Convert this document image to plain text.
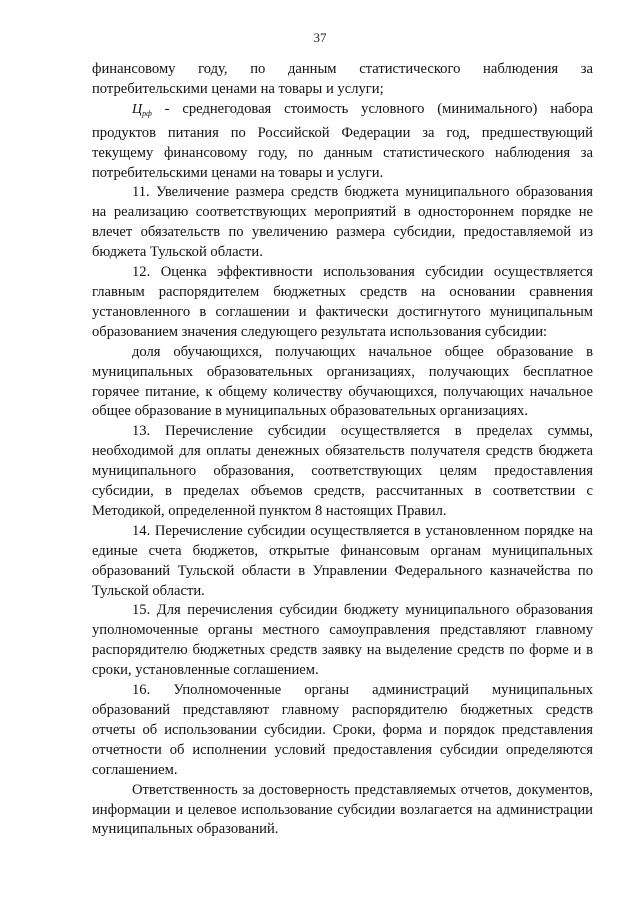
37

финансовому году, по данным статистического наблюдения за потребительскими ценами на товары и услуги;

$Ц_{рф}$ - среднегодовая стоимость условного (минимального) набора продуктов питания по Российской Федерации за год, предшествующий текущему финансовому году, по данным статистического наблюдения за потребительскими ценами на товары и услуги.

11. Увеличение размера средств бюджета муниципального образования на реализацию соответствующих мероприятий в одностороннем порядке не влечет обязательств по увеличению размера субсидии, предоставляемой из бюджета Тульской области.

12. Оценка эффективности использования субсидии осуществляется главным распорядителем бюджетных средств на основании сравнения установленного в соглашении и фактически достигнутого муниципальным образованием значения следующего результата использования субсидии:

доля обучающихся, получающих начальное общее образование в муниципальных образовательных организациях, получающих бесплатное горячее питание, к общему количеству обучающихся, получающих начальное общее образование в муниципальных образовательных организациях.

13. Перечисление субсидии осуществляется в пределах суммы, необходимой для оплаты денежных обязательств получателя средств бюджета муниципального образования, соответствующих целям предоставления субсидии, в пределах объемов средств, рассчитанных в соответствии с Методикой, определенной пунктом 8 настоящих Правил.

14. Перечисление субсидии осуществляется в установленном порядке на единые счета бюджетов, открытые финансовым органам муниципальных образований Тульской области в Управлении Федерального казначейства по Тульской области.

15. Для перечисления субсидии бюджету муниципального образования уполномоченные органы местного самоуправления представляют главному распорядителю бюджетных средств заявку на выделение средств по форме и в сроки, установленные соглашением.

16. Уполномоченные органы администраций муниципальных образований представляют главному распорядителю бюджетных средств отчеты об использовании субсидии. Сроки, форма и порядок представления отчетности об исполнении условий предоставления субсидии определяются соглашением.

Ответственность за достоверность представляемых отчетов, документов, информации и целевое использование субсидии возлагается на администрации муниципальных образований.
